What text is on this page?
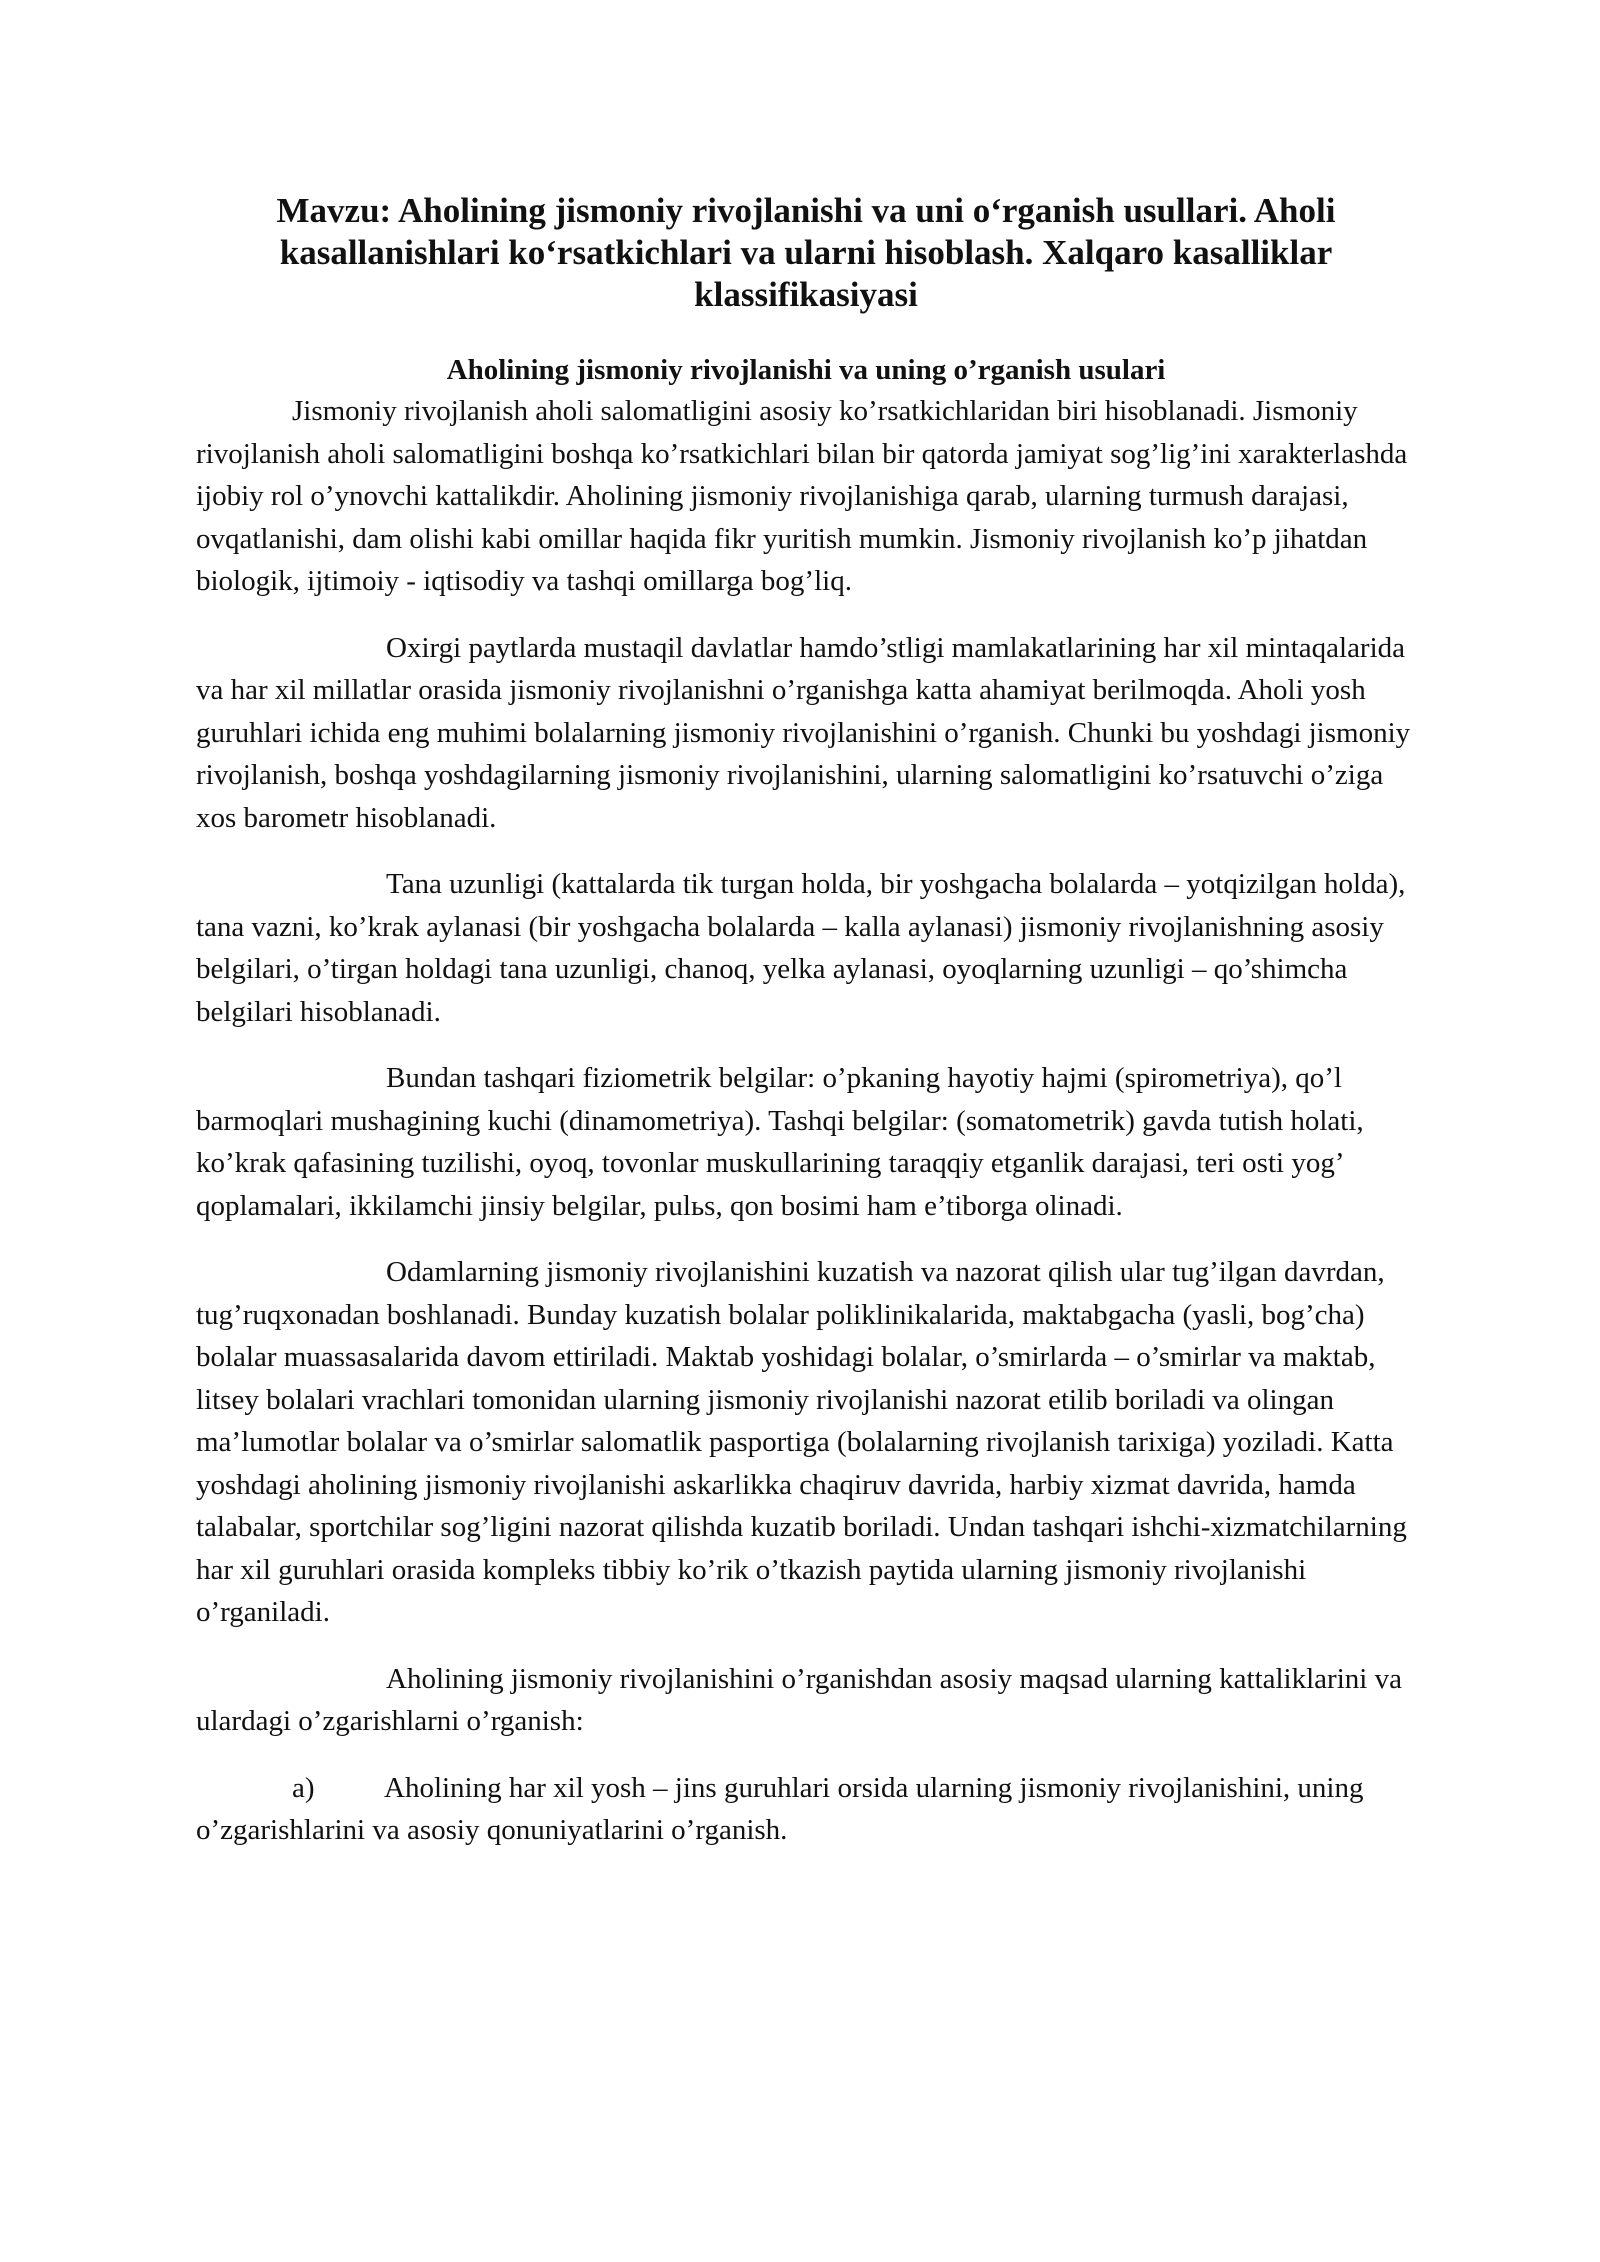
Mavzu: Aholining jismoniy rivojlanishi va uni o‘rganish usullari. Aholi kasallanishlari ko‘rsatkichlari va ularni hisoblash. Xalqaro kasalliklar klassifikasiyasi
Aholining jismoniy rivojlanishi va uning o’rganish usulari

Jismoniy rivojlanish aholi salomatligini asosiy ko’rsatkichlaridan biri hisoblanadi. Jismoniy rivojlanish aholi salomatligini boshqa ko’rsatkichlari bilan bir qatorda jamiyat sog’lig’ini xarakterlashda ijobiy rol o’ynovchi kattalikdir. Aholining jismoniy rivojlanishiga qarab, ularning turmush darajasi, ovqatlanishi, dam olishi kabi omillar haqida fikr yuritish mumkin. Jismoniy rivojlanish ko’p jihatdan biologik, ijtimoiy - iqtisodiy va tashqi omillarga bog’liq.

Oxirgi paytlarda mustaqil davlatlar hamdo’stligi mamlakatlarining har xil mintaqalarida va har xil millatlar orasida jismoniy rivojlanishni o’rganishga katta ahamiyat berilmoqda. Aholi yosh guruhlari ichida eng muhimi bolalarning jismoniy rivojlanishini o’rganish. Chunki bu yoshdagi jismoniy rivojlanish, boshqa yoshdagilarning jismoniy rivojlanishini, ularning salomatligini ko’rsatuvchi o’ziga xos barometr hisoblanadi.

Tana uzunligi (kattalarda tik turgan holda, bir yoshgacha bolalarda – yotqizilgan holda), tana vazni, ko’krak aylanasi (bir yoshgacha bolalarda – kalla aylanasi) jismoniy rivojlanishning asosiy belgilari, o’tirgan holdagi tana uzunligi, chanoq, yelka aylanasi, oyoqlarning uzunligi – qo’shimcha belgilari hisoblanadi.

Bundan tashqari fiziometrik belgilar: o’pkaning hayotiy hajmi (spirometriya), qo’l barmoqlari mushagining kuchi (dinamometriya). Tashqi belgilar: (somatometrik) gavda tutish holati, ko’krak qafasining tuzilishi, oyoq, tovonlar muskullarining taraqqiy etganlik darajasi, teri osti yog’ qoplamalari, ikkilamchi jinsiy belgilar, pulьs, qon bosimi ham e’tiborga olinadi.

Odamlarning jismoniy rivojlanishini kuzatish va nazorat qilish ular tug’ilgan davrdan, tug’ruqxonadan boshlanadi. Bunday kuzatish bolalar poliklinikalarida, maktabgacha (yasli, bog’cha) bolalar muassasalarida davom ettiriladi. Maktab yoshidagi bolalar, o’smirlarda – o’smirlar va maktab, litsey bolalari vrachlari tomonidan ularning jismoniy rivojlanishi nazorat etilib boriladi va olingan ma’lumotlar bolalar va o’smirlar salomatlik pasportiga (bolalarning rivojlanish tarixiga) yoziladi. Katta yoshdagi aholining jismoniy rivojlanishi askarlikka chaqiruv davrida, harbiy xizmat davrida, hamda talabalar, sportchilar sog’ligini nazorat qilishda kuzatib boriladi. Undan tashqari ishchi-xizmatchilarning har xil guruhlari orasida kompleks tibbiy ko’rik o’tkazish paytida ularning jismoniy rivojlanishi o’rganiladi.

Aholining jismoniy rivojlanishini o’rganishdan asosiy maqsad ularning kattaliklarini va ulardagi o’zgarishlarni o’rganish:

a) Aholining har xil yosh – jins guruhlari orsida ularning jismoniy rivojlanishini, uning o’zgarishlarini va asosiy qonuniyatlarini o’rganish.
